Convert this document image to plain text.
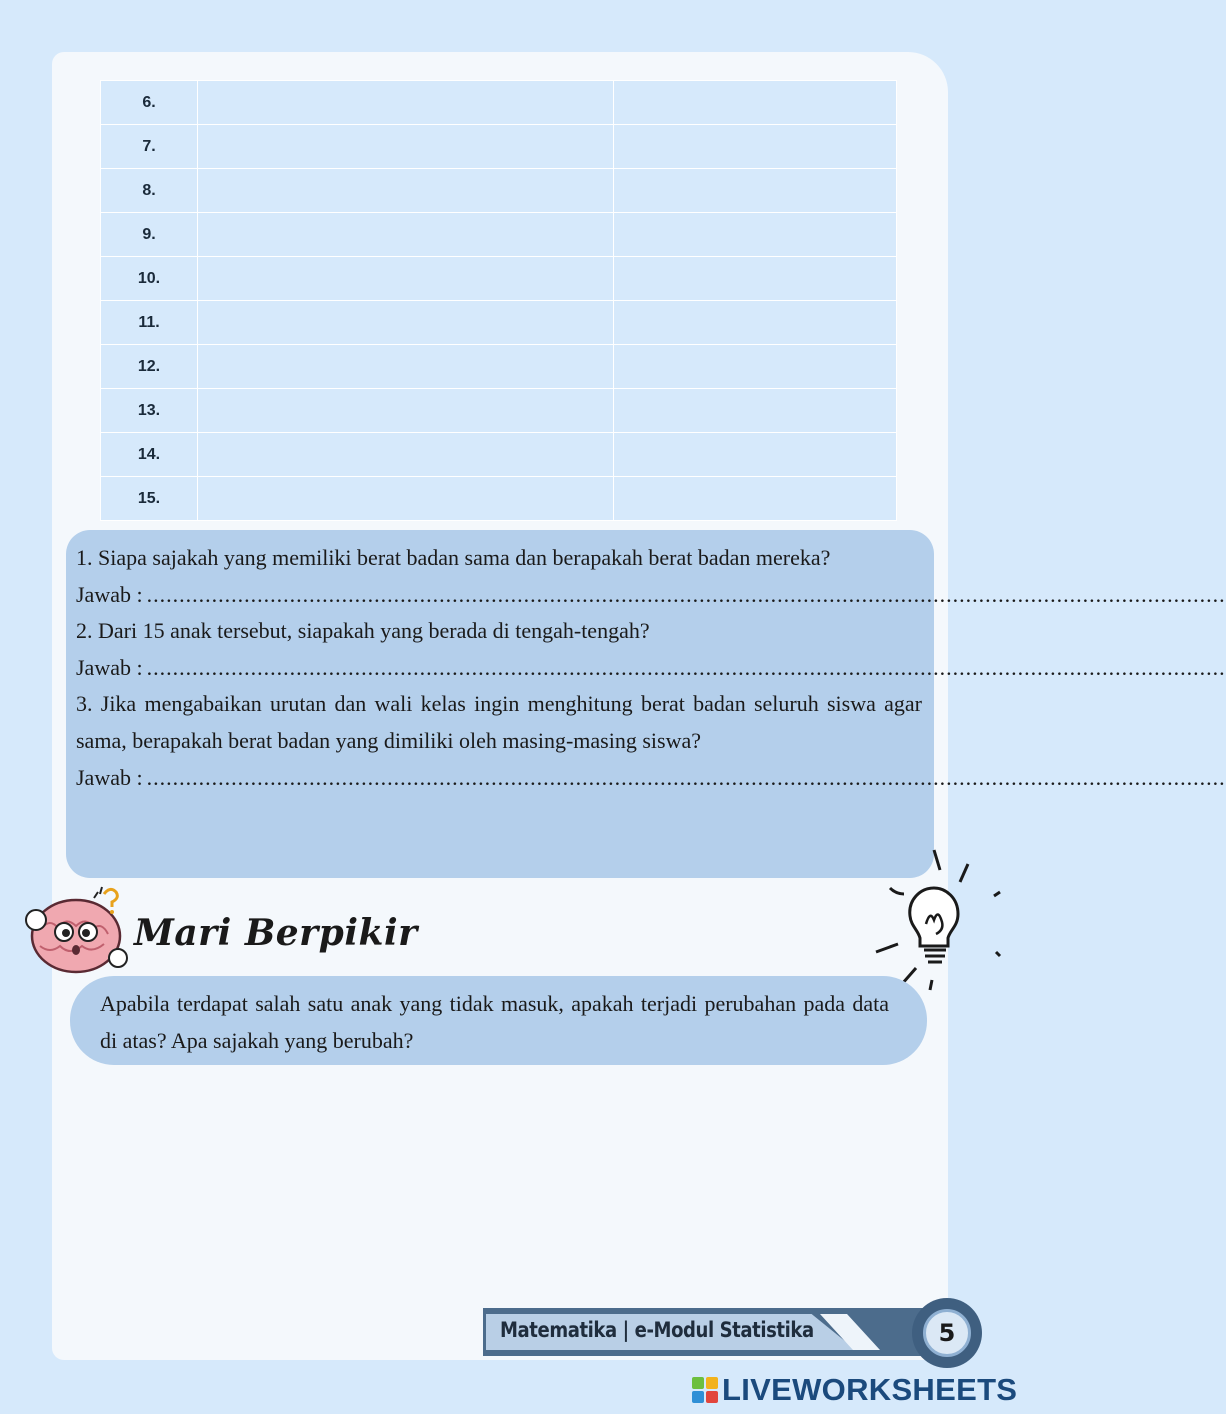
6.		
7.		
8.		
9.		
10.		
11.		
12.		
13.		
14.		
15.		

1. Siapa sajakah yang memiliki berat badan sama dan berapakah berat badan mereka?

Jawab : ......................................................................................................................................................................

2. Dari 15 anak tersebut, siapakah yang berada di tengah-tengah?

Jawab : ......................................................................................................................................................................

3. Jika mengabaikan urutan dan wali kelas ingin menghitung berat badan seluruh siswa agar sama, berapakah berat badan yang dimiliki oleh masing-masing siswa?

Jawab : ......................................................................................................................................................................
Mari Berpikir

Apabila terdapat salah satu anak yang tidak masuk, apakah terjadi perubahan pada data di atas? Apa sajakah yang berubah?

Matematika | e-Modul Statistika	5
LIVEWORKSHEETS
